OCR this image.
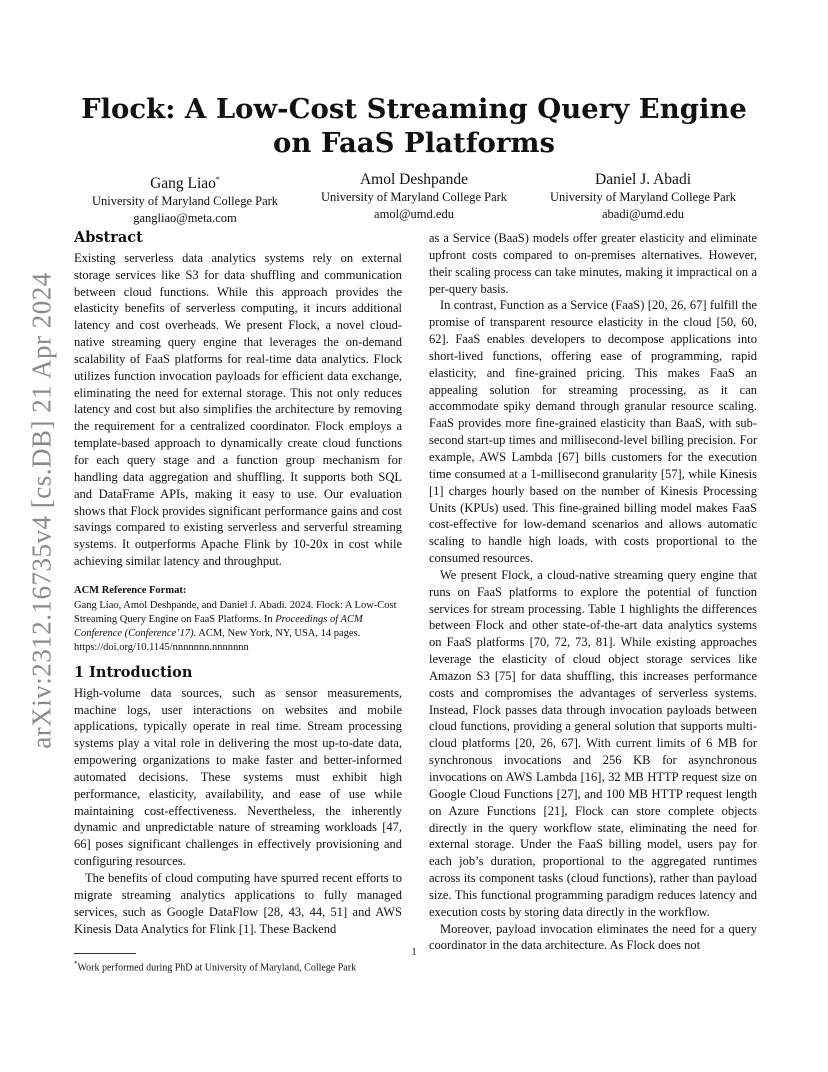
arXiv:2312.16735v4 [cs.DB] 21 Apr 2024
Flock: A Low-Cost Streaming Query Engine on FaaS Platforms
Gang Liao*
University of Maryland College Park
gangliao@meta.com
Amol Deshpande
University of Maryland College Park
amol@umd.edu
Daniel J. Abadi
University of Maryland College Park
abadi@umd.edu
Abstract

Existing serverless data analytics systems rely on external storage services like S3 for data shuffling and communication between cloud functions. While this approach provides the elasticity benefits of serverless computing, it incurs additional latency and cost overheads. We present Flock, a novel cloud-native streaming query engine that leverages the on-demand scalability of FaaS platforms for real-time data analytics. Flock utilizes function invocation payloads for efficient data exchange, eliminating the need for external storage. This not only reduces latency and cost but also simplifies the architecture by removing the requirement for a centralized coordinator. Flock employs a template-based approach to dynamically create cloud functions for each query stage and a function group mechanism for handling data aggregation and shuffling. It supports both SQL and DataFrame APIs, making it easy to use. Our evaluation shows that Flock provides significant performance gains and cost savings compared to existing serverless and serverful streaming systems. It outperforms Apache Flink by 10-20x in cost while achieving similar latency and throughput.

ACM Reference Format:
Gang Liao, Amol Deshpande, and Daniel J. Abadi. 2024. Flock: A Low-Cost Streaming Query Engine on FaaS Platforms. In Proceedings of ACM Conference (Conference’17). ACM, New York, NY, USA, 14 pages. https://doi.org/10.1145/nnnnnnn.nnnnnnn
1 Introduction

High-volume data sources, such as sensor measurements, machine logs, user interactions on websites and mobile applications, typically operate in real time. Stream processing systems play a vital role in delivering the most up-to-date data, empowering organizations to make faster and better-informed automated decisions. These systems must exhibit high performance, elasticity, availability, and ease of use while maintaining cost-effectiveness. Nevertheless, the inherently dynamic and unpredictable nature of streaming workloads [47, 66] poses significant challenges in effectively provisioning and configuring resources.

The benefits of cloud computing have spurred recent efforts to migrate streaming analytics applications to fully managed services, such as Google DataFlow [28, 43, 44, 51] and AWS Kinesis Data Analytics for Flink [1]. These Backend

as a Service (BaaS) models offer greater elasticity and eliminate upfront costs compared to on-premises alternatives. However, their scaling process can take minutes, making it impractical on a per-query basis.

In contrast, Function as a Service (FaaS) [20, 26, 67] fulfill the promise of transparent resource elasticity in the cloud [50, 60, 62]. FaaS enables developers to decompose applications into short-lived functions, offering ease of programming, rapid elasticity, and fine-grained pricing. This makes FaaS an appealing solution for streaming processing, as it can accommodate spiky demand through granular resource scaling. FaaS provides more fine-grained elasticity than BaaS, with sub-second start-up times and millisecond-level billing precision. For example, AWS Lambda [67] bills customers for the execution time consumed at a 1-millisecond granularity [57], while Kinesis [1] charges hourly based on the number of Kinesis Processing Units (KPUs) used. This fine-grained billing model makes FaaS cost-effective for low-demand scenarios and allows automatic scaling to handle high loads, with costs proportional to the consumed resources.

We present Flock, a cloud-native streaming query engine that runs on FaaS platforms to explore the potential of function services for stream processing. Table 1 highlights the differences between Flock and other state-of-the-art data analytics systems on FaaS platforms [70, 72, 73, 81]. While existing approaches leverage the elasticity of cloud object storage services like Amazon S3 [75] for data shuffling, this increases performance costs and compromises the advantages of serverless systems. Instead, Flock passes data through invocation payloads between cloud functions, providing a general solution that supports multi-cloud platforms [20, 26, 67]. With current limits of 6 MB for synchronous invocations and 256 KB for asynchronous invocations on AWS Lambda [16], 32 MB HTTP request size on Google Cloud Functions [27], and 100 MB HTTP request length on Azure Functions [21], Flock can store complete objects directly in the query workflow state, eliminating the need for external storage. Under the FaaS billing model, users pay for each job’s duration, proportional to the aggregated runtimes across its component tasks (cloud functions), rather than payload size. This functional programming paradigm reduces latency and execution costs by storing data directly in the workflow.

Moreover, payload invocation eliminates the need for a query coordinator in the data architecture. As Flock does not

*Work performed during PhD at University of Maryland, College Park
1
